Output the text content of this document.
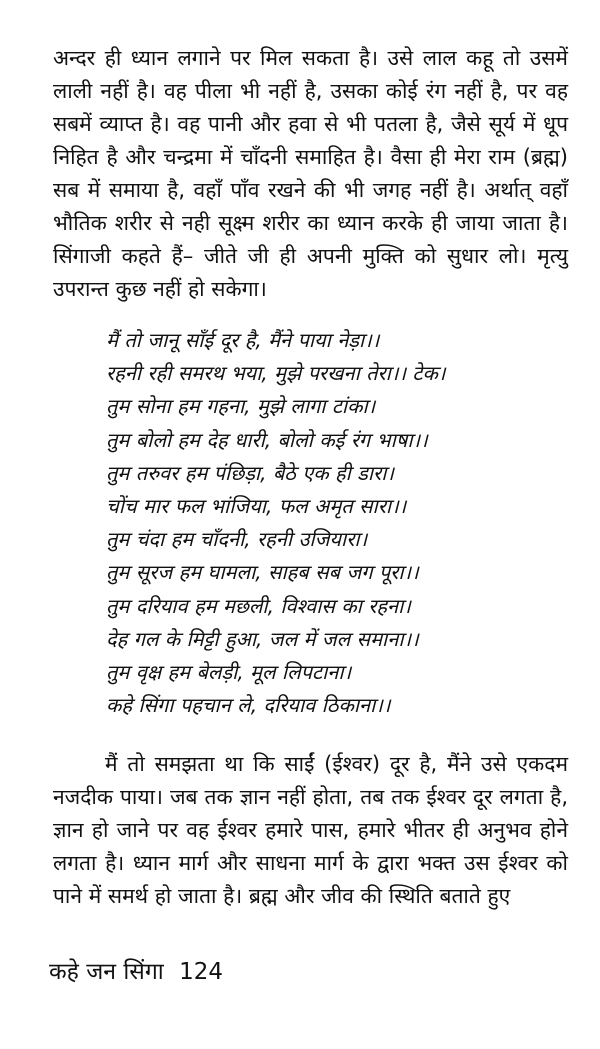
अन्दर ही ध्यान लगाने पर मिल सकता है। उसे लाल कहू तो उसमें लाली नहीं है। वह पीला भी नहीं है, उसका कोई रंग नहीं है, पर वह सबमें व्याप्त है। वह पानी और हवा से भी पतला है, जैसे सूर्य में धूप निहित है और चन्द्रमा में चाँदनी समाहित है। वैसा ही मेरा राम (ब्रह्म) सब में समाया है, वहाँ पाँव रखने की भी जगह नहीं है। अर्थात् वहाँ भौतिक शरीर से नही सूक्ष्म शरीर का ध्यान करके ही जाया जाता है। सिंगाजी कहते हैं– जीते जी ही अपनी मुक्ति को सुधार लो। मृत्यु उपरान्त कुछ नहीं हो सकेगा।

मैं तो जानू साँई दूर है, मैंने पाया नेड़ा।।
रहनी रही समरथ भया, मुझे परखना तेरा।। टेक।
तुम सोना हम गहना, मुझे लागा टांका।
तुम बोलो हम देह धारी, बोलो कई रंग भाषा।।
तुम तरुवर हम पंछिड़ा, बैठे एक ही डारा।
चोंच मार फल भांजिया, फल अमृत सारा।।
तुम चंदा हम चाँदनी, रहनी उजियारा।
तुम सूरज हम घामला, साहब सब जग पूरा।।
तुम दरियाव हम मछली, विश्वास का रहना।
देह गल के मिट्टी हुआ, जल में जल समाना।।
तुम वृक्ष हम बेलड़ी, मूल लिपटाना।
कहे सिंगा पहचान ले, दरियाव ठिकाना।।

मैं तो समझता था कि साईं (ईश्वर) दूर है, मैंने उसे एकदम नजदीक पाया। जब तक ज्ञान नहीं होता, तब तक ईश्वर दूर लगता है, ज्ञान हो जाने पर वह ईश्वर हमारे पास, हमारे भीतर ही अनुभव होने लगता है। ध्यान मार्ग और साधना मार्ग के द्वारा भक्त उस ईश्वर को पाने में समर्थ हो जाता है। ब्रह्म और जीव की स्थिति बताते हुए

कहे जन सिंगा 124
